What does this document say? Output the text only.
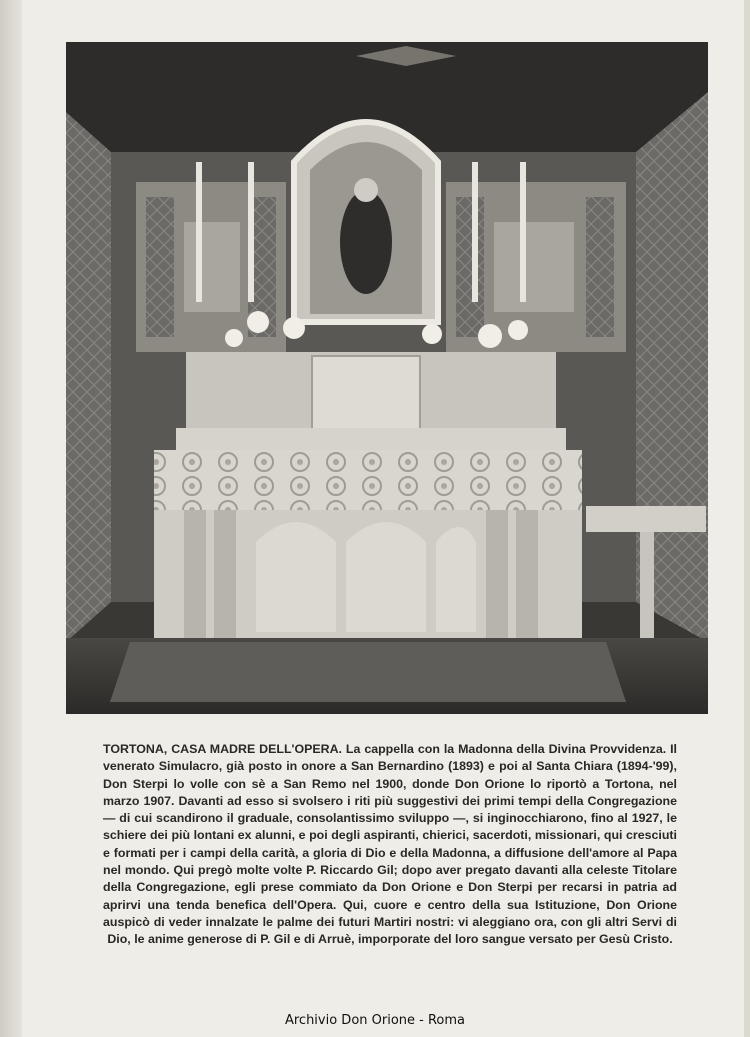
TORTONA, CASA MADRE DELL'OPERA. La cappella con la Madonna della Divina Provvidenza. Il venerato Simulacro, già posto in onore a San Bernardino (1893) e poi al Santa Chiara (1894-'99), Don Sterpi lo volle con sè a San Remo nel 1900, donde Don Orione lo riportò a Tortona, nel marzo 1907. Davanti ad esso si svolsero i riti più suggestivi dei primi tempi della Congregazione — di cui scandirono il graduale, consolantissimo sviluppo —, si inginocchiarono, fino al 1927, le schiere dei più lontani ex alunni, e poi degli aspiranti, chierici, sacerdoti, missionari, qui cresciuti e formati per i campi della carità, a gloria di Dio e della Madonna, a diffusione dell'amore al Papa nel mondo. Qui pregò molte volte P. Riccardo Gil; dopo aver pregato davanti alla celeste Titolare della Congregazione, egli prese commiato da Don Orione e Don Sterpi per recarsi in patria ad aprirvi una tenda benefica dell'Opera. Qui, cuore e centro della sua Istituzione, Don Orione auspicò di veder innalzate le palme dei futuri Martiri nostri: vi aleggiano ora, con gli altri Servi di Dio, le anime generose di P. Gil e di Arruè, imporporate del loro sangue versato per Gesù Cristo.
Archivio Don Orione - Roma
